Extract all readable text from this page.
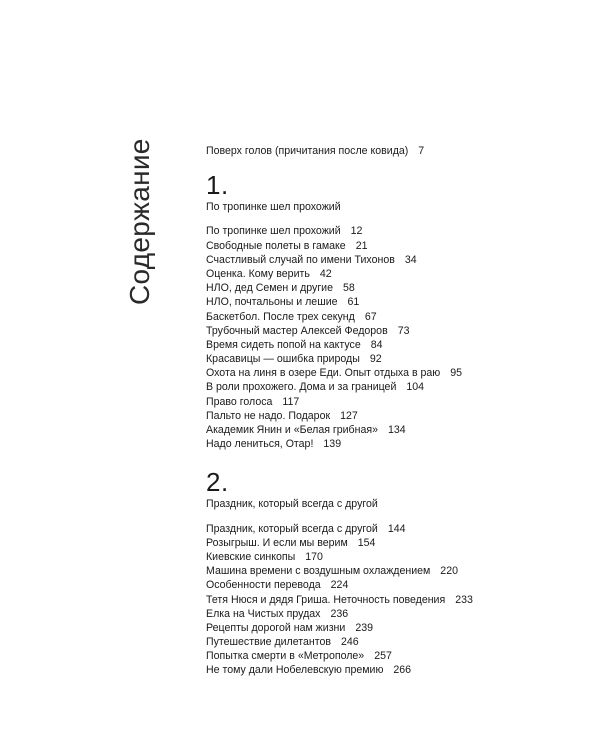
Содержание	Поверх голов (причитания после ковида) 7
1.
По тропинке шел прохожий
По тропинке шел прохожий 12
Свободные полеты в гамаке 21
Счастливый случай по имени Тихонов 34
Оценка. Кому верить 42
НЛО, дед Семен и другие 58
НЛО, почтальоны и лешие 61
Баскетбол. После трех секунд 67
Трубочный мастер Алексей Федоров 73
Время сидеть попой на кактусе 84
Красавицы — ошибка природы 92
Охота на линя в озере Еди. Опыт отдыха в раю 95
В роли прохожего. Дома и за границей 104
Право голоса 117
Пальто не надо. Подарок 127
Академик Янин и «Белая грибная» 134
Надо лениться, Отар! 139
2.
Праздник, который всегда с другой
Праздник, который всегда с другой 144
Розыгрыш. И если мы верим 154
Киевские синкопы 170
Машина времени с воздушным охлаждением 220
Особенности перевода 224
Тетя Нюся и дядя Гриша. Неточность поведения 233
Елка на Чистых прудах 236
Рецепты дорогой нам жизни 239
Путешествие дилетантов 246
Попытка смерти в «Метрополе» 257
Не тому дали Нобелевскую премию 266
